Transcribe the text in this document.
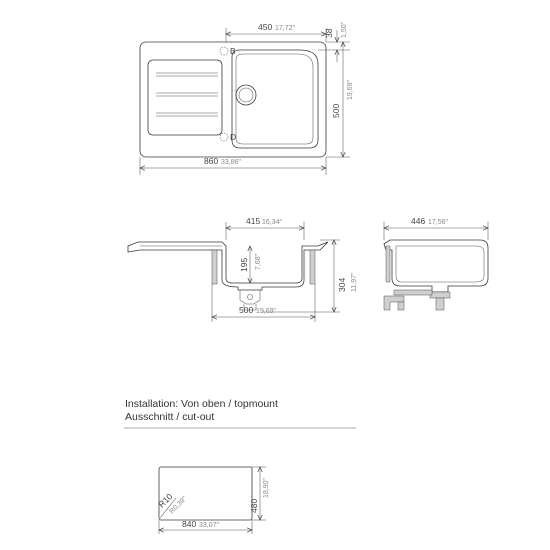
B
D
450 17,72"
38 1,50"
500
19,69"
860 33,86"
415 16,34"
195 7,68"
304 11,97"
500 19,69"
446 17,56"
Installation: Von oben / topmount
Ausschnitt / cut-out
R10
R0,39"	480
18,90"
840 33,07"
